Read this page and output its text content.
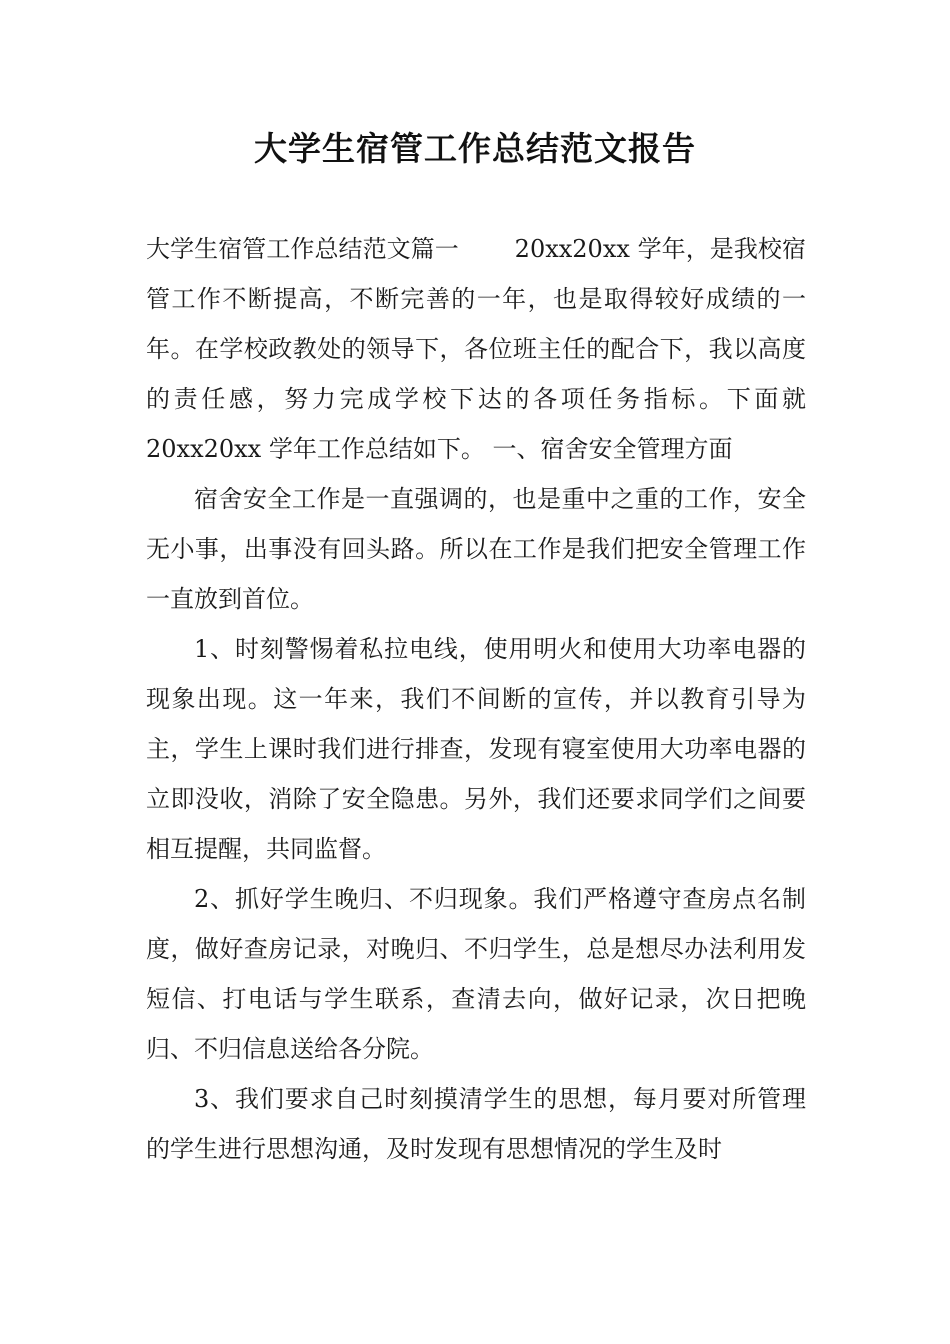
大学生宿管工作总结范文报告

大学生宿管工作总结范文篇一　　 20xx20xx 学年，是我校宿管工作不断提高，不断完善的一年，也是取得较好成绩的一年。在学校政教处的领导下，各位班主任的配合下，我以高度的责任感，努力完成学校下达的各项任务指标。下面就 20xx20xx 学年工作总结如下。 一、宿舍安全管理方面

宿舍安全工作是一直强调的，也是重中之重的工作，安全无小事，出事没有回头路。所以在工作是我们把安全管理工作一直放到首位。

1、时刻警惕着私拉电线，使用明火和使用大功率电器的现象出现。这一年来，我们不间断的宣传，并以教育引导为主，学生上课时我们进行排查，发现有寝室使用大功率电器的立即没收，消除了安全隐患。另外，我们还要求同学们之间要相互提醒，共同监督。

2、抓好学生晚归、不归现象。我们严格遵守查房点名制度，做好查房记录，对晚归、不归学生，总是想尽办法利用发短信、打电话与学生联系，查清去向，做好记录，次日把晚归、不归信息送给各分院。

3、我们要求自己时刻摸清学生的思想，每月要对所管理的学生进行思想沟通，及时发现有思想情况的学生及时
